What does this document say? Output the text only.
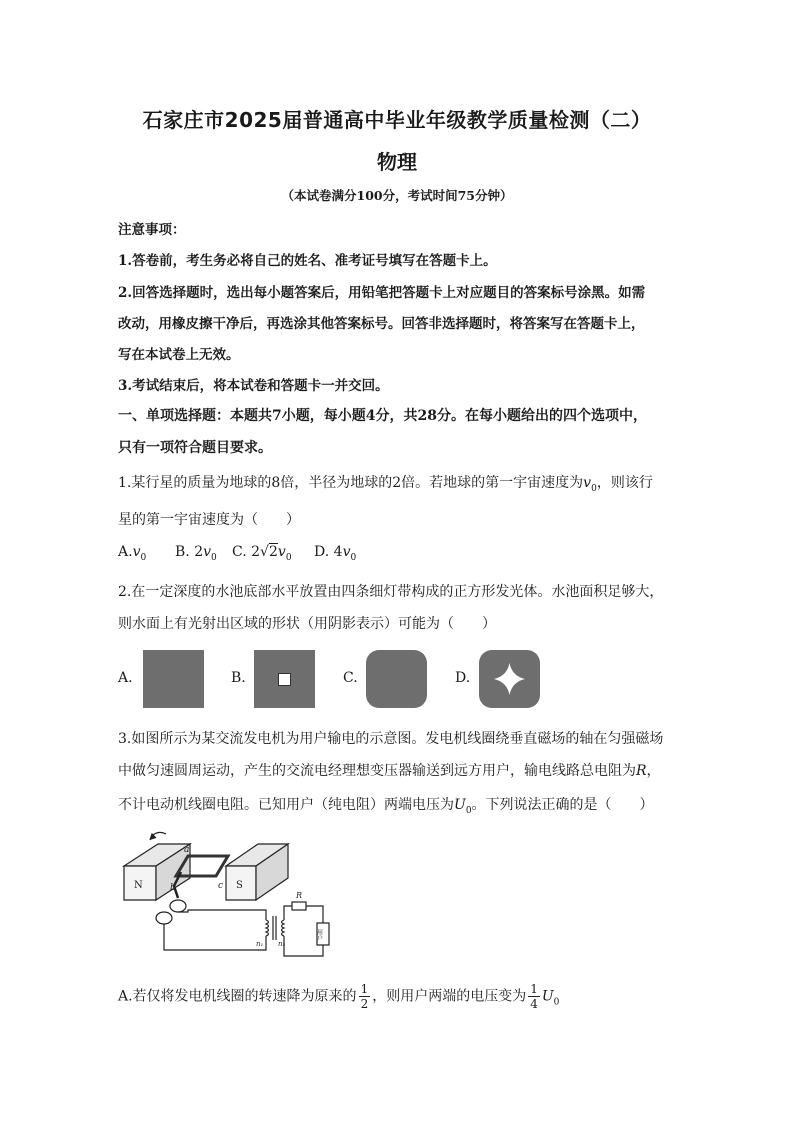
石家庄市2025届普通高中毕业年级教学质量检测（二）
物理
（本试卷满分100分，考试时间75分钟）
注意事项：
1.答卷前，考生务必将自己的姓名、准考证号填写在答题卡上。
2.回答选择题时，选出每小题答案后，用铅笔把答题卡上对应题目的答案标号涂黑。如需
改动，用橡皮擦干净后，再选涂其他答案标号。回答非选择题时，将答案写在答题卡上，
写在本试卷上无效。
3.考试结束后，将本试卷和答题卡一并交回。
一、单项选择题：本题共7小题，每小题4分，共28分。在每小题给出的四个选项中，
只有一项符合题目要求。
1.某行星的质量为地球的8倍，半径为地球的2倍。若地球的第一宇宙速度为$v_0$，则该行
星的第一宇宙速度为（　　）
$A.v_0$ B. $2v_0$ C. $2√2v_0$ D. $4v_0$
2.在一定深度的水池底部水平放置由四条细灯带构成的正方形发光体。水池面积足够大，
则水面上有光射出区域的形状（用阴影表示）可能为（　　）
A.	B.	C.	D.
3.如图所示为某交流发电机为用户输电的示意图。发电机线圈绕垂直磁场的轴在匀强磁场
中做匀速圆周运动，产生的交流电经理想变压器输送到远方用户，输电线路总电阻为R，
不计电动机线圈电阻。已知用户（纯电阻）两端电压为$U_0$。下列说法正确的是（　　）
N	S
a
b	c
R
n₁ n₂
用户
A.若仅将发电机线圈的转速降为原来的 $\frac{1}{2}$ ，则用户两端的电压变为 $\frac{1}{4} U_0$
